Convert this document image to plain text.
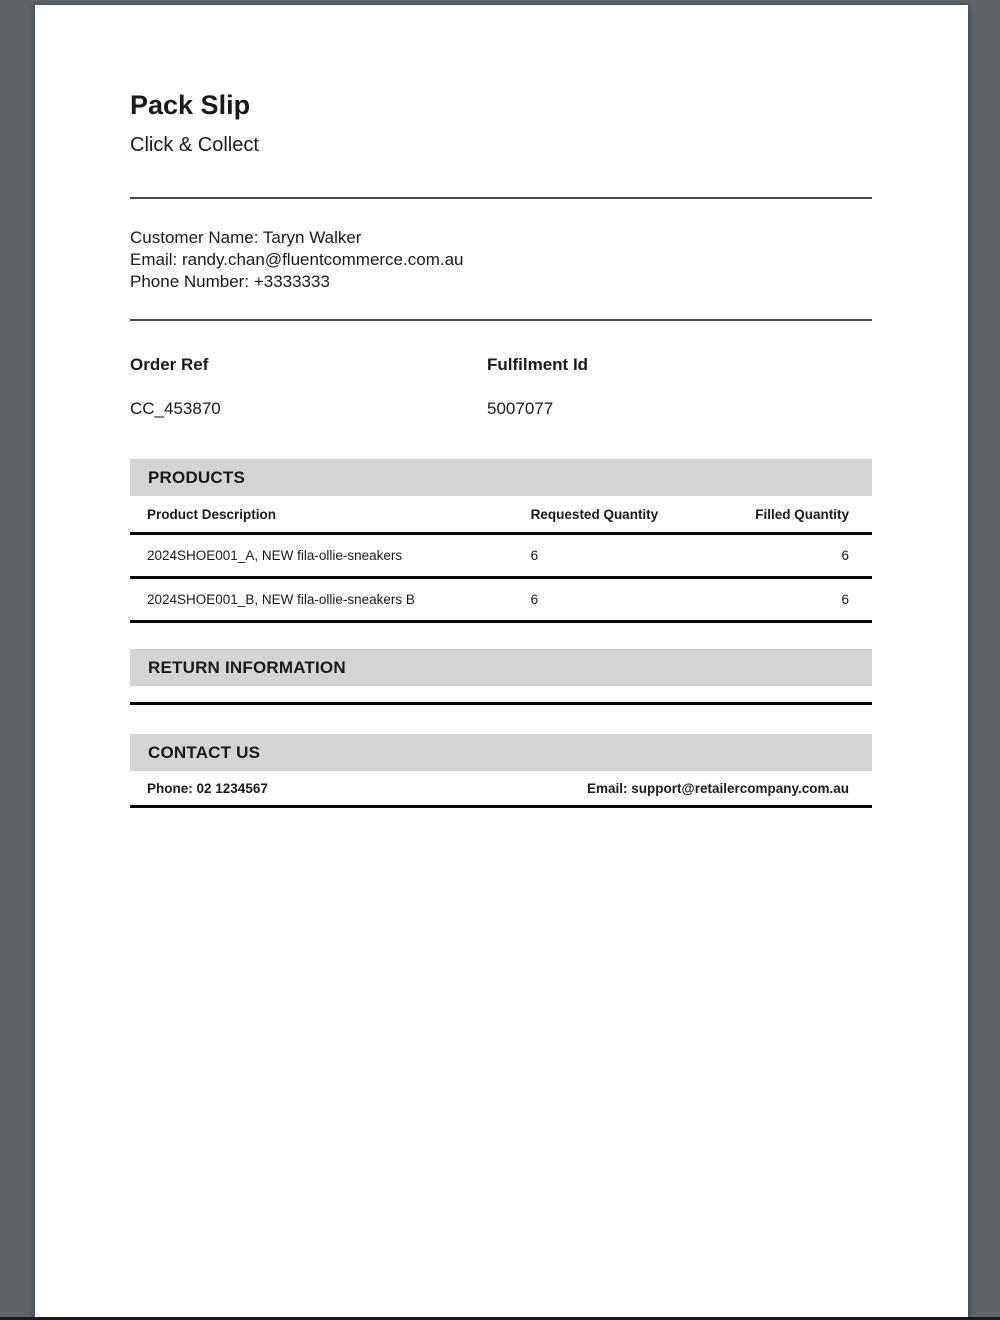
Pack Slip
Click & Collect
Customer Name: Taryn Walker
Email: randy.chan@fluentcommerce.com.au
Phone Number: +3333333
Order Ref
CC_453870
Fulfilment Id
5007077
PRODUCTS
Product Description	Requested Quantity	Filled Quantity
2024SHOE001_A, NEW fila-ollie-sneakers	6	6
2024SHOE001_B, NEW fila-ollie-sneakers B	6	6
RETURN INFORMATION
CONTACT US
Phone: 02 1234567	Email: support@retailercompany.com.au
